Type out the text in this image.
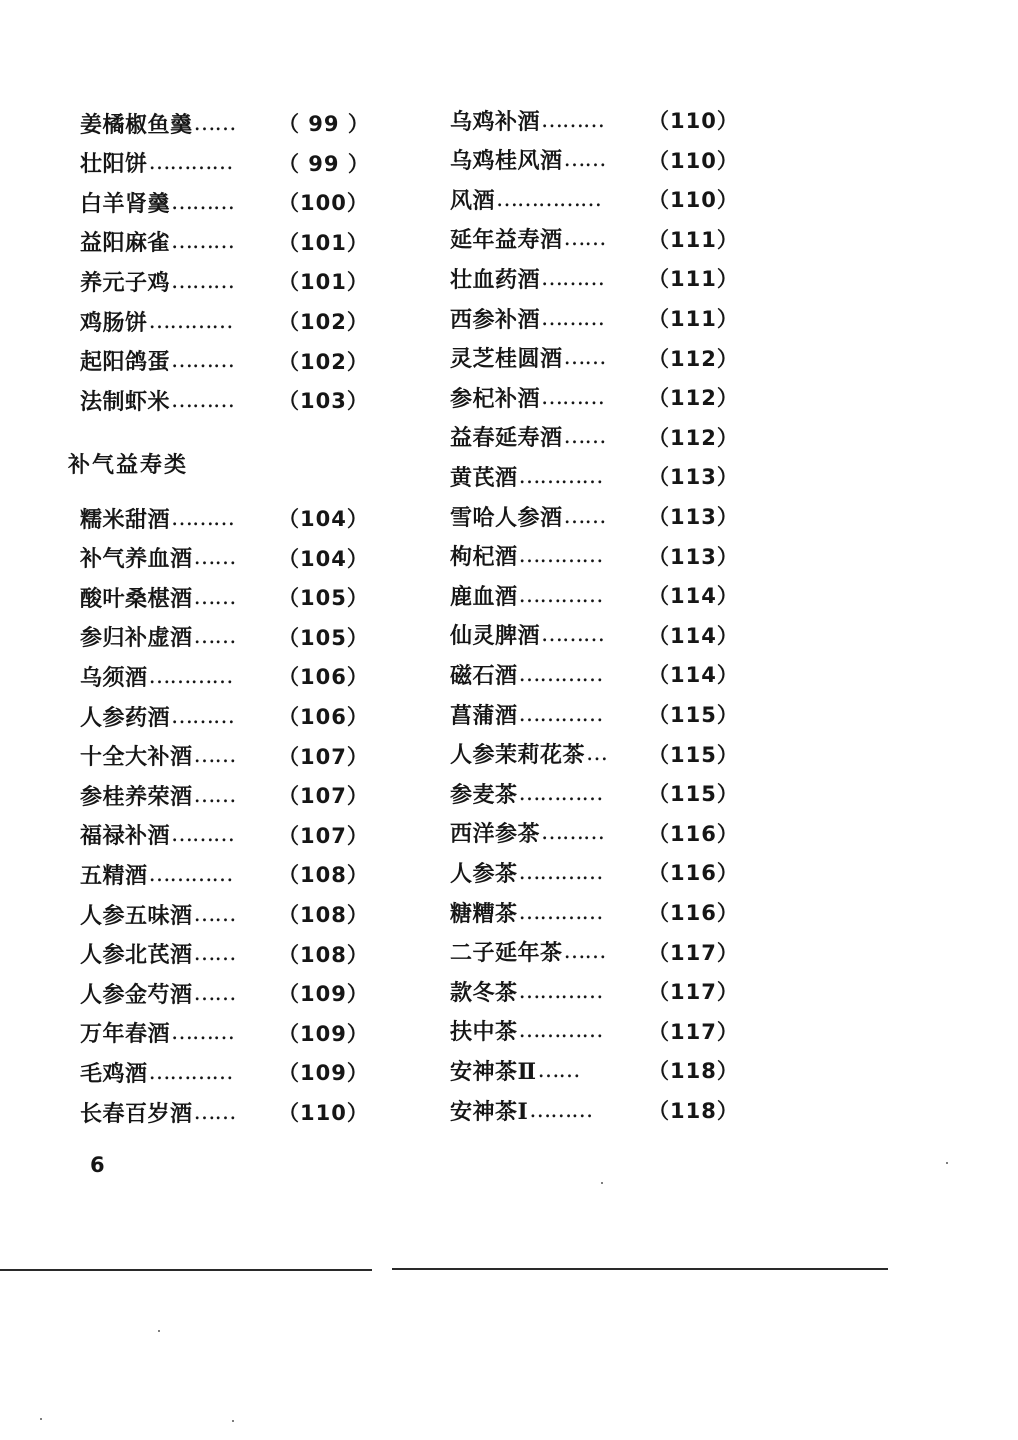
姜橘椒鱼羹 …… （ 99 ）
壮阳饼 ………… （ 99 ）
白羊肾羹 ……… （100）
益阳麻雀 ……… （101）
养元子鸡 ……… （101）
鸡肠饼 ………… （102）
起阳鸽蛋 ……… （102）
法制虾米 ……… （103）
糯米甜酒 ……… （104）
补气养血酒 …… （104）
酸叶桑椹酒 …… （105）
参归补虚酒 …… （105）
乌须酒 ………… （106）
人参药酒 ……… （106）
十全大补酒 …… （107）
参桂养荣酒 …… （107）
福禄补酒 ……… （107）
五精酒 ………… （108）
人参五味酒 …… （108）
人参北芪酒 …… （108）
人参金芍酒 …… （109）
万年春酒 ……… （109）
毛鸡酒 ………… （109）
长春百岁酒 …… （110）
补气益寿类
乌鸡补酒 ……… （110）
乌鸡桂风酒 …… （110）
风酒 …………… （110）
延年益寿酒 …… （111）
壮血药酒 ……… （111）
西参补酒 ……… （111）
灵芝桂圆酒 …… （112）
参杞补酒 ……… （112）
益春延寿酒 …… （112）
黄芪酒 ………… （113）
雪哈人参酒 …… （113）
枸杞酒 ………… （113）
鹿血酒 ………… （114）
仙灵脾酒 ……… （114）
磁石酒 ………… （114）
菖蒲酒 ………… （115）
人参茉莉花茶 … （115）
参麦茶 ………… （115）
西洋参茶 ……… （116）
人参茶 ………… （116）
糖糟茶 ………… （116）
二子延年茶 …… （117）
款冬茶 ………… （117）
扶中茶 ………… （117）
安神茶Ⅱ ……	（118）
安神茶Ⅰ ………	（118）
6
